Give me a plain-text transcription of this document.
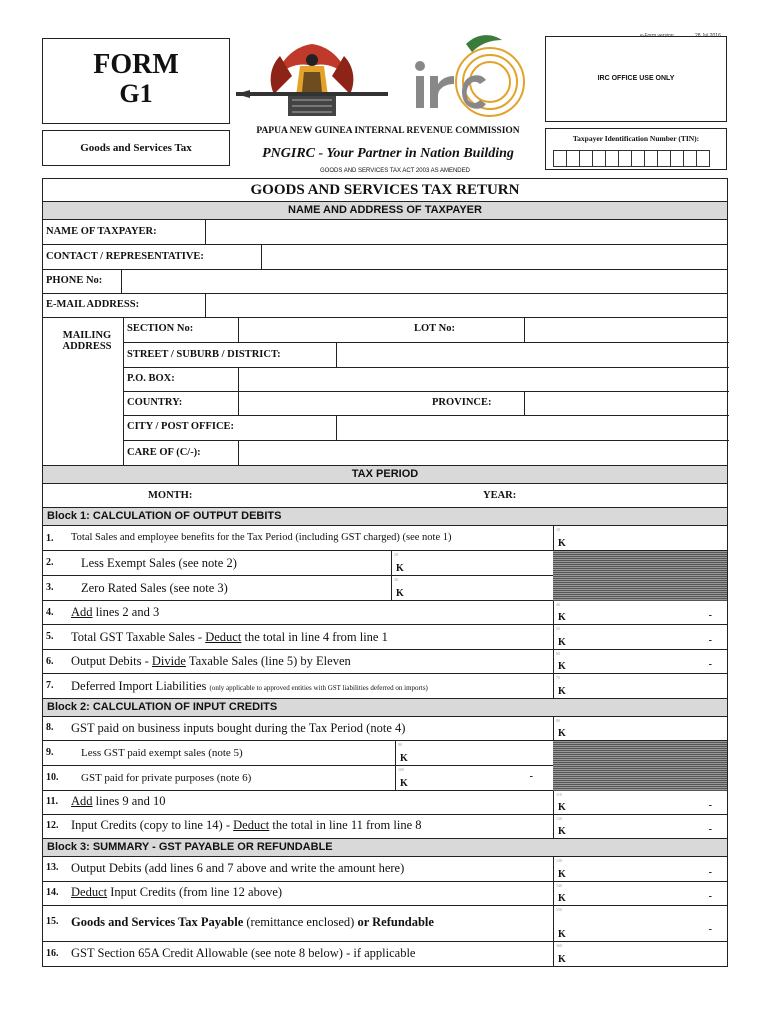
e-Form version	28 Jul 2016
FORM
G1
Goods and Services Tax
IRC OFFICE USE ONLY
Taxpayer Identification Number (TIN):
PAPUA NEW GUINEA INTERNAL REVENUE COMMISSION
PNGIRC - Your Partner in Nation Building
GOODS AND SERVICES TAX ACT 2003 AS AMENDED
GOODS AND SERVICES TAX RETURN
NAME AND ADDRESS OF TAXPAYER
NAME OF TAXPAYER:
CONTACT / REPRESENTATIVE:
PHONE No:
E-MAIL ADDRESS:
MAILING
ADDRESS
SECTION No:	LOT No:
STREET / SUBURB / DISTRICT:
P.O. BOX:
COUNTRY:	PROVINCE:
CITY / POST OFFICE:
CARE OF (C/-):
TAX PERIOD
MONTH:	YEAR:
Block 1: CALCULATION OF OUTPUT DEBITS
1. Total Sales and employee benefits for the Tax Period (including GST charged) (see note 1)
10
K
2. Less Exempt Sales (see note 2)
20
K
3. Zero Rated Sales (see note 3)
30
K
4. Add lines 2 and 3
40
K	-
5. Total GST Taxable Sales - Deduct the total in line 4 from line 1
50
K	-
6. Output Debits - Divide Taxable Sales (line 5) by Eleven
60
K	-
7. Deferred Import Liabilities (only applicable to approved entities with GST liabilities deferred on imports)
70
K
Block 2: CALCULATION OF INPUT CREDITS
8. GST paid on business inputs bought during the Tax Period (note 4)
80
K
9.	Less GST paid exempt sales (note 5)
90
K
10. GST paid for private purposes (note 6)
100
K
-
11. Add lines 9 and 10	110
K	-
12. Input Credits (copy to line 14) - Deduct the total in line 11 from line 8	120
K	-
Block 3: SUMMARY - GST PAYABLE OR REFUNDABLE
13. Output Debits (add lines 6 and 7 above and write the amount here)
130
K	-
14. Deduct Input Credits (from line 12 above)	140
K	-
15. Goods and Services Tax Payable (remittance enclosed) or Refundable
150
K	-
16. GST Section 65A Credit Allowable (see note 8 below) - if applicable
160
K
